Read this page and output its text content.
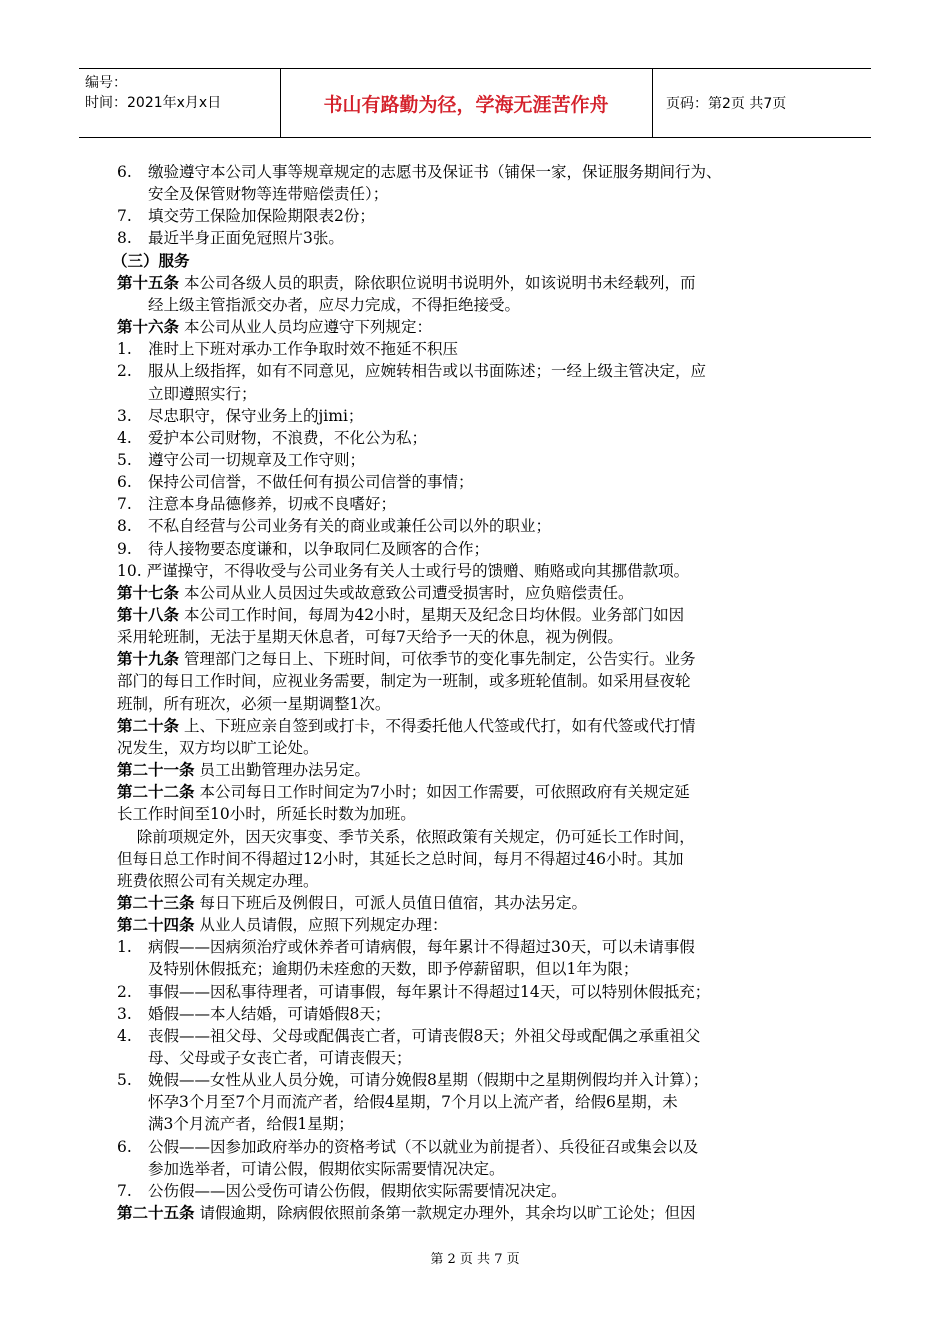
编号：
时间：2021年x月x日	书山有路勤为径，学海无涯苦作舟	页码：第2页 共7页
6. 缴验遵守本公司人事等规章规定的志愿书及保证书（铺保一家，保证服务期间行为、
安全及保管财物等连带赔偿责任）；
7. 填交劳工保险加保险期限表2份；
8. 最近半身正面免冠照片3张。
（三）服务
第十五条 本公司各级人员的职责，除依职位说明书说明外，如该说明书未经载列，而
经上级主管指派交办者，应尽力完成，不得拒绝接受。
第十六条 本公司从业人员均应遵守下列规定：
1. 准时上下班对承办工作争取时效不拖延不积压
2. 服从上级指挥，如有不同意见，应婉转相告或以书面陈述；一经上级主管决定，应
立即遵照实行；
3. 尽忠职守，保守业务上的jimi；
4. 爱护本公司财物，不浪费，不化公为私；
5. 遵守公司一切规章及工作守则；
6. 保持公司信誉，不做任何有损公司信誉的事情；
7. 注意本身品德修养，切戒不良嗜好；
8. 不私自经营与公司业务有关的商业或兼任公司以外的职业；
9. 待人接物要态度谦和，以争取同仁及顾客的合作；
10. 严谨操守，不得收受与公司业务有关人士或行号的馈赠、贿赂或向其挪借款项。
第十七条 本公司从业人员因过失或故意致公司遭受损害时，应负赔偿责任。
第十八条 本公司工作时间，每周为42小时，星期天及纪念日均休假。业务部门如因
采用轮班制，无法于星期天休息者，可每7天给予一天的休息，视为例假。
第十九条 管理部门之每日上、下班时间，可依季节的变化事先制定，公告实行。业务
部门的每日工作时间，应视业务需要，制定为一班制，或多班轮值制。如采用昼夜轮
班制，所有班次，必须一星期调整1次。
第二十条 上、下班应亲自签到或打卡，不得委托他人代签或代打，如有代签或代打情
况发生，双方均以旷工论处。
第二十一条 员工出勤管理办法另定。
第二十二条 本公司每日工作时间定为7小时；如因工作需要，可依照政府有关规定延
长工作时间至10小时，所延长时数为加班。
除前项规定外，因天灾事变、季节关系，依照政策有关规定，仍可延长工作时间，
但每日总工作时间不得超过12小时，其延长之总时间，每月不得超过46小时。其加
班费依照公司有关规定办理。
第二十三条 每日下班后及例假日，可派人员值日值宿，其办法另定。
第二十四条 从业人员请假，应照下列规定办理：
1. 病假——因病须治疗或休养者可请病假，每年累计不得超过30天，可以未请事假
及特别休假抵充；逾期仍未痊愈的天数，即予停薪留职，但以1年为限；
2. 事假——因私事待理者，可请事假，每年累计不得超过14天，可以特别休假抵充；
3. 婚假——本人结婚，可请婚假8天；
4. 丧假——祖父母、父母或配偶丧亡者，可请丧假8天；外祖父母或配偶之承重祖父
母、父母或子女丧亡者，可请丧假天；
5. 娩假——女性从业人员分娩，可请分娩假8星期（假期中之星期例假均并入计算）；
怀孕3个月至7个月而流产者，给假4星期，7个月以上流产者，给假6星期，未
满3个月流产者，给假1星期；
6. 公假——因参加政府举办的资格考试（不以就业为前提者）、兵役征召或集会以及
参加选举者，可请公假，假期依实际需要情况决定。
7. 公伤假——因公受伤可请公伤假，假期依实际需要情况决定。
第二十五条 请假逾期，除病假依照前条第一款规定办理外，其余均以旷工论处；但因
第 2 页 共 7 页
